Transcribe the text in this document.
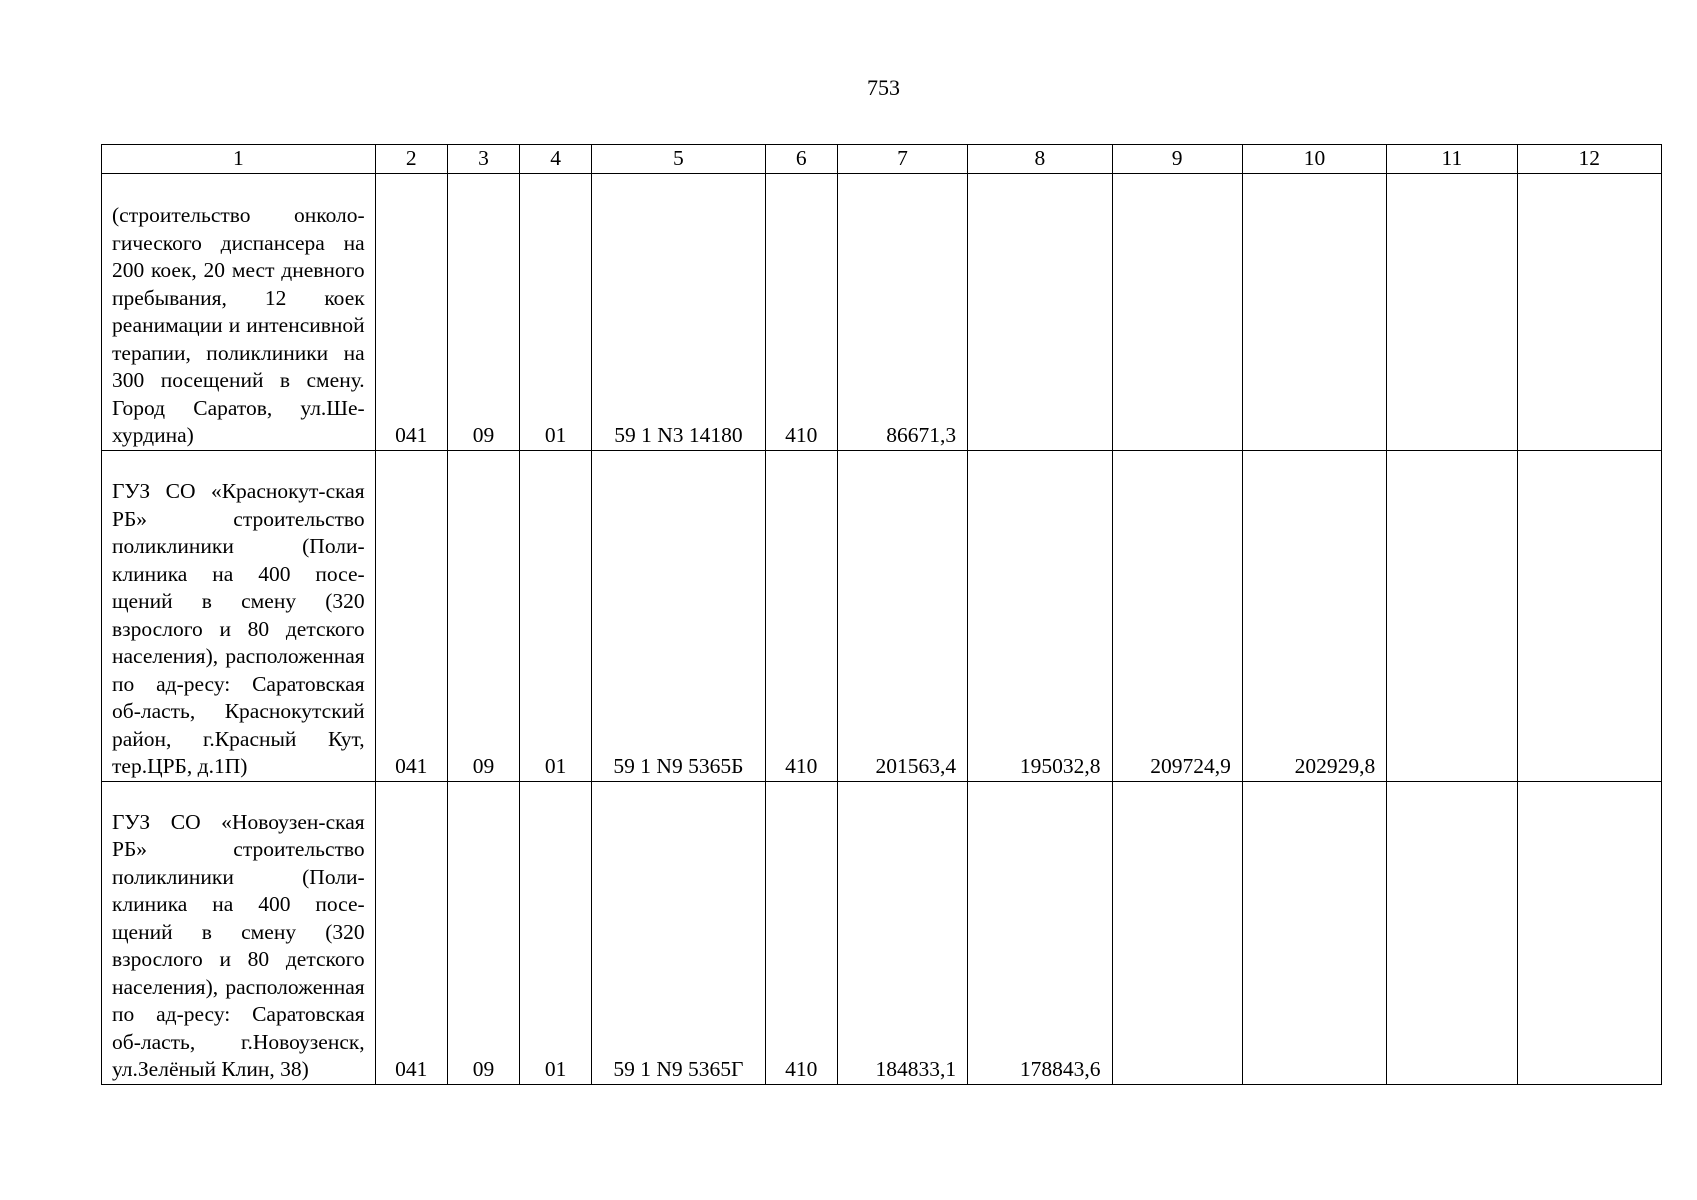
753
1	2	3	4	5	6	7	8	9	10	11	12
(строительство онколо-гического диспансера на 200 коек, 20 мест дневного пребывания, 12 коек реанимации и интенсивной терапии, поликлиники на 300 посещений в смену. Город Саратов, ул.Ше-хурдина)	041	09	01	59 1 N3 14180	410	86671,3					
ГУЗ СО «Краснокут-ская РБ» строительство поликлиники (Поли-клиника на 400 посе-щений в смену (320 взрослого и 80 детского населения), расположенная по ад-ресу: Саратовская об-ласть, Краснокутский район, г.Красный Кут, тер.ЦРБ, д.1П)	041	09	01	59 1 N9 5365Б	410	201563,4	195032,8	209724,9	202929,8		
ГУЗ СО «Новоузен-ская РБ» строительство поликлиники (Поли-клиника на 400 посе-щений в смену (320 взрослого и 80 детского населения), расположенная по ад-ресу: Саратовская об-ласть, г.Новоузенск, ул.Зелёный Клин, 38)	041	09	01	59 1 N9 5365Г	410	184833,1	178843,6				
